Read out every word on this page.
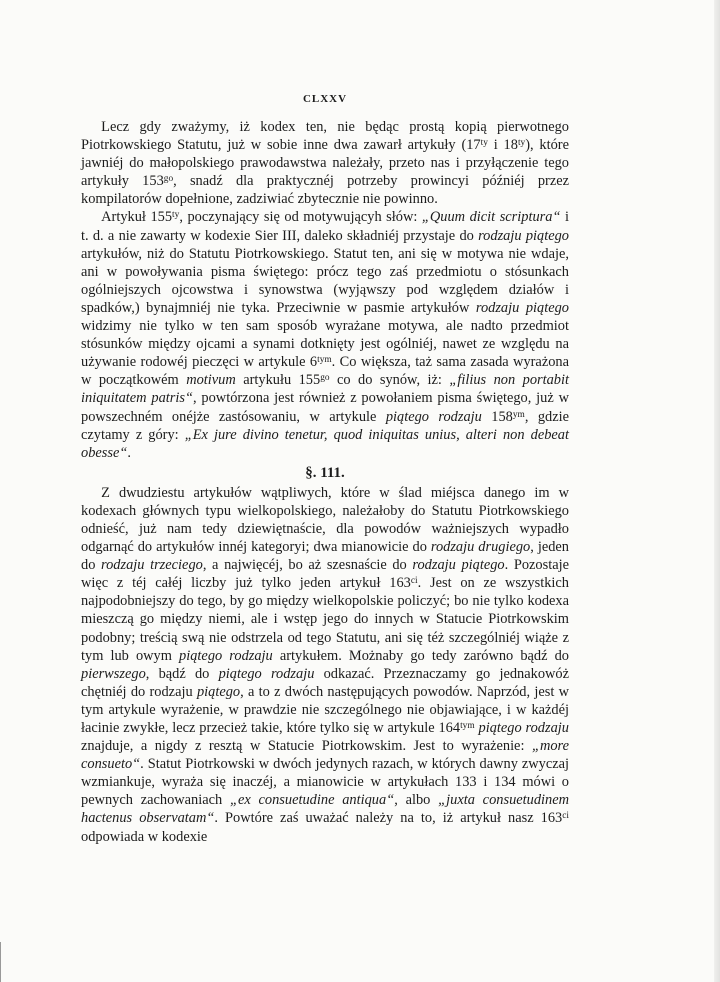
CLXXV

Lecz gdy zważymy, iż kodex ten, nie będąc prostą kopią pierwotnego Piotrkowskiego Statutu, już w sobie inne dwa zawarł artykuły ($17^{ty}$ i $18^{ty}$), które jawniéj do małopolskiego prawodawstwa należały, przeto nas i przyłączenie tego artykuły $153^{go}$, snadź dla praktycznéj potrzeby prowincyi późniéj przez kompilatorów dopełnione, zadziwiać zbytecznie nie powinno.

Artykuł $155^{ty}$, poczynający się od motywującyh słów: „Quum dicit scriptura“ i t. d. a nie zawarty w kodexie Sier III, daleko składniéj przystaje do rodzaju piątego artykułów, niż do Statutu Piotrkowskiego. Statut ten, ani się w motywa nie wdaje, ani w powoływania pisma świętego: prócz tego zaś przedmiotu o stósunkach ogólniejszych ojcowstwa i synowstwa (wyjąwszy pod względem działów i spadków,) bynajmniéj nie tyka. Przeciwnie w pasmie artykułów rodzaju piątego widzimy nie tylko w ten sam sposób wyrażane motywa, ale nadto przedmiot stósunków między ojcami a synami dotknięty jest ogólniéj, nawet ze względu na używanie rodowéj pieczęci w artykule $6^{tym}$. Co większa, taż sama zasada wyrażona w początkowém motivum artykułu $155^{go}$ co do synów, iż: „filius non portabit iniquitatem patris“, powtórzona jest również z powołaniem pisma świętego, już w powszechném onéjże zastósowaniu, w artykule piątego rodzaju $158^{ym}$, gdzie czytamy z góry: „Ex jure divino tenetur, quod iniquitas unius, alteri non debeat obesse“.

§. 111.

Z dwudziestu artykułów wątpliwych, które w ślad miéjsca danego im w kodexach głównych typu wielkopolskiego, należałoby do Statutu Piotrkowskiego odnieść, już nam tedy dziewiętnaście, dla powodów ważniejszych wypadło odgarnąć do artykułów innéj kategoryi; dwa mianowicie do rodzaju drugiego, jeden do rodzaju trzeciego, a najwięcéj, bo aż szesnaście do rodzaju piątego. Pozostaje więc z téj całéj liczby już tylko jeden artykuł $163^{ci}$. Jest on ze wszystkich najpodobniejszy do tego, by go między wielkopolskie policzyć; bo nie tylko kodexa mieszczą go między niemi, ale i wstęp jego do innych w Statucie Piotrkowskim podobny; treścią swą nie odstrzela od tego Statutu, ani się téż szczególniéj wiąże z tym lub owym piątego rodzaju artykułem. Możnaby go tedy zarówno bądź do pierwszego, bądź do piątego rodzaju odkazać. Przeznaczamy go jednakowóż chętniéj do rodzaju piątego, a to z dwóch następujących powodów. Naprzód, jest w tym artykule wyrażenie, w prawdzie nie szczególnego nie objawiające, i w każdéj łacinie zwykłe, lecz przecież takie, które tylko się w artykule $164^{tym}$ piątego rodzaju znajduje, a nigdy z resztą w Statucie Piotrkowskim. Jest to wyrażenie: „more consueto“. Statut Piotrkowski w dwóch jedynych razach, w których dawny zwyczaj wzmiankuje, wyraża się inaczéj, a mianowicie w artykułach 133 i 134 mówi o pewnych zachowaniach „ex consuetudine antiqua“, albo „juxta consuetudinem hactenus observatam“. Powtóre zaś uważać należy na to, iż artykuł nasz $163^{ci}$ odpowiada w kodexie
